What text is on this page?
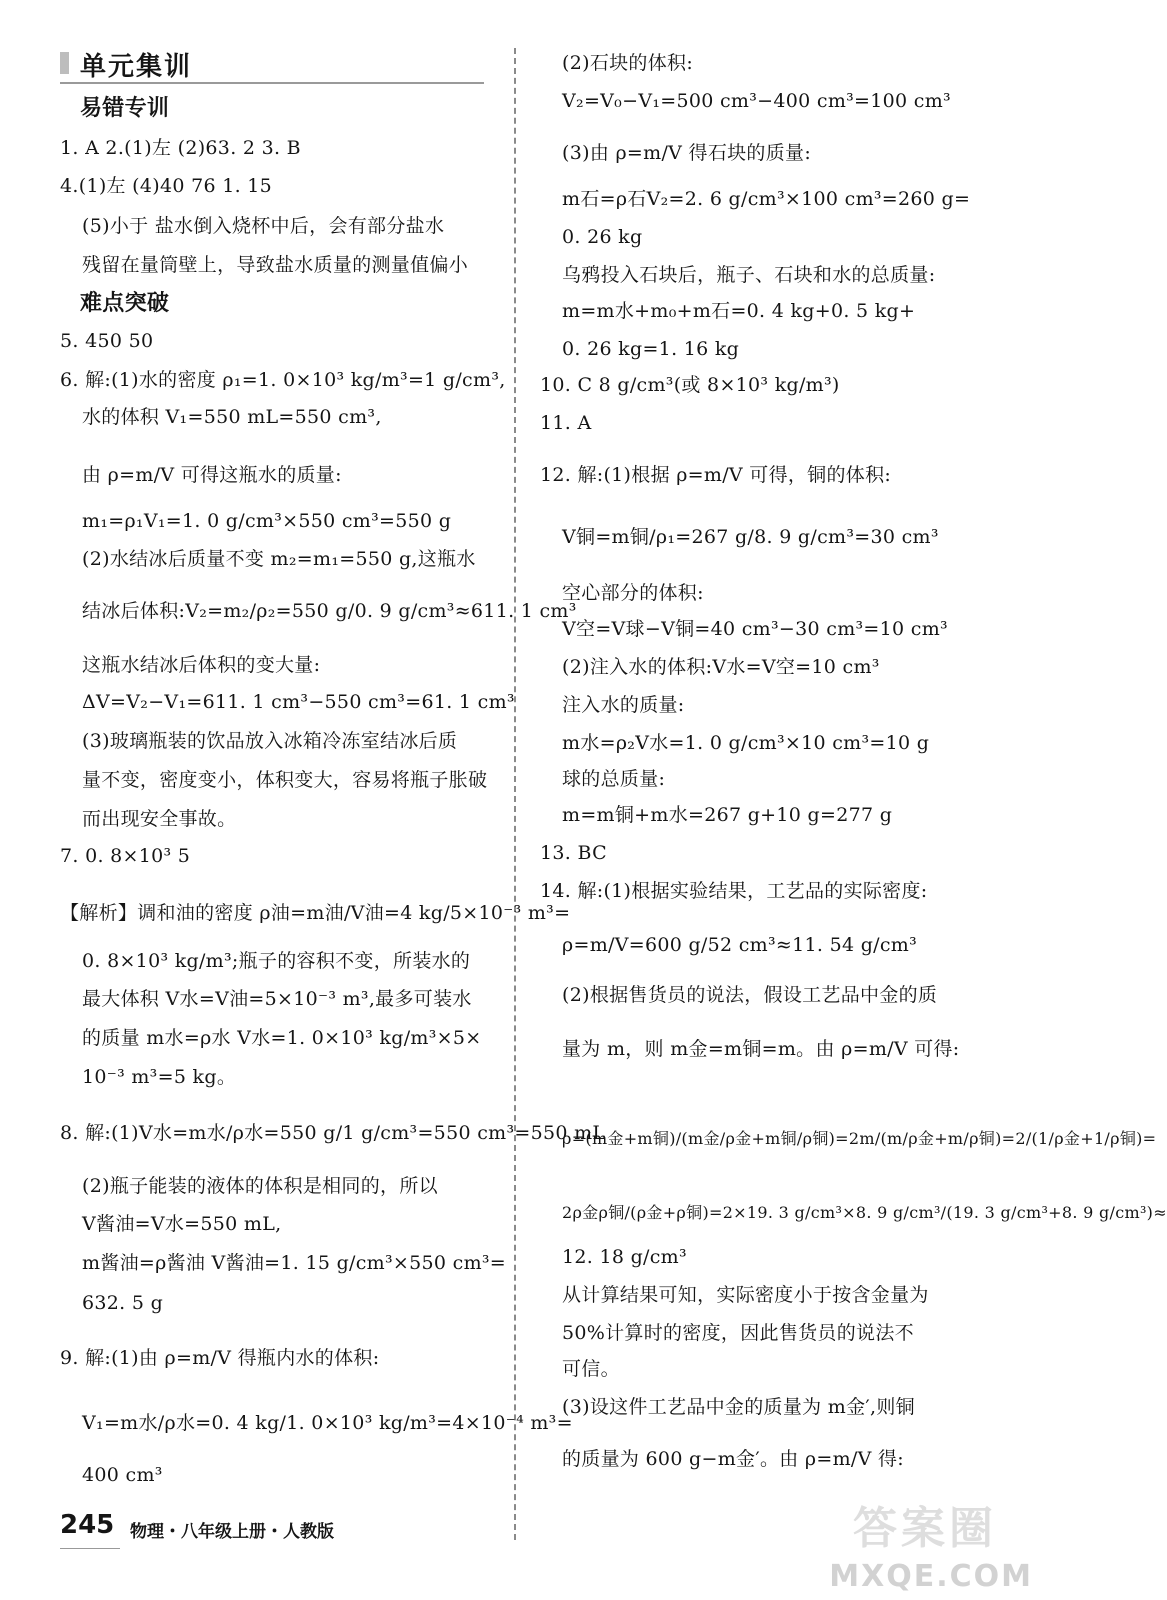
单元集训
易错专训
1. A 2.(1)左 (2)63. 2 3. B
4.(1)左 (4)40 76 1. 15
(5)小于 盐水倒入烧杯中后，会有部分盐水
残留在量筒壁上，导致盐水质量的测量值偏小
难点突破
5. 450 50
6. 解:(1)水的密度 ρ₁=1. 0×10³ kg/m³=1 g/cm³,
水的体积 V₁=550 mL=550 cm³,
由 ρ=m/V 可得这瓶水的质量:
m₁=ρ₁V₁=1. 0 g/cm³×550 cm³=550 g
(2)水结冰后质量不变 m₂=m₁=550 g,这瓶水
结冰后体积:V₂=m₂/ρ₂=550 g/0. 9 g/cm³≈611. 1 cm³
这瓶水结冰后体积的变大量:
ΔV=V₂−V₁=611. 1 cm³−550 cm³=61. 1 cm³
(3)玻璃瓶装的饮品放入冰箱冷冻室结冰后质
量不变，密度变小，体积变大，容易将瓶子胀破
而出现安全事故。
7. 0. 8×10³ 5
【解析】调和油的密度 ρ油=m油/V油=4 kg/5×10⁻³ m³=
0. 8×10³ kg/m³;瓶子的容积不变，所装水的
最大体积 V水=V油=5×10⁻³ m³,最多可装水
的质量 m水=ρ水 V水=1. 0×10³ kg/m³×5×
10⁻³ m³=5 kg。
8. 解:(1)V水=m水/ρ水=550 g/1 g/cm³=550 cm³=550 mL
(2)瓶子能装的液体的体积是相同的，所以
V酱油=V水=550 mL,
m酱油=ρ酱油 V酱油=1. 15 g/cm³×550 cm³=
632. 5 g
9. 解:(1)由 ρ=m/V 得瓶内水的体积:
V₁=m水/ρ水=0. 4 kg/1. 0×10³ kg/m³=4×10⁻⁴ m³=
400 cm³
(2)石块的体积:
V₂=V₀−V₁=500 cm³−400 cm³=100 cm³
(3)由 ρ=m/V 得石块的质量:
m石=ρ石V₂=2. 6 g/cm³×100 cm³=260 g=
0. 26 kg
乌鸦投入石块后，瓶子、石块和水的总质量:
m=m水+m₀+m石=0. 4 kg+0. 5 kg+
0. 26 kg=1. 16 kg
10. C 8 g/cm³(或 8×10³ kg/m³)
11. A
12. 解:(1)根据 ρ=m/V 可得，铜的体积:
V铜=m铜/ρ₁=267 g/8. 9 g/cm³=30 cm³
空心部分的体积:
V空=V球−V铜=40 cm³−30 cm³=10 cm³
(2)注入水的体积:V水=V空=10 cm³
注入水的质量:
m水=ρ₂V水=1. 0 g/cm³×10 cm³=10 g
球的总质量:
m=m铜+m水=267 g+10 g=277 g
13. BC
14. 解:(1)根据实验结果，工艺品的实际密度:
ρ=m/V=600 g/52 cm³≈11. 54 g/cm³
(2)根据售货员的说法，假设工艺品中金的质
量为 m，则 m金=m铜=m。由 ρ=m/V 可得:
ρ=(m金+m铜)/(m金/ρ金+m铜/ρ铜)=2m/(m/ρ金+m/ρ铜)=2/(1/ρ金+1/ρ铜)=
2ρ金ρ铜/(ρ金+ρ铜)=2×19. 3 g/cm³×8. 9 g/cm³/(19. 3 g/cm³+8. 9 g/cm³)≈
12. 18 g/cm³
从计算结果可知，实际密度小于按含金量为
50%计算时的密度，因此售货员的说法不
可信。
(3)设这件工艺品中金的质量为 m金′,则铜
的质量为 600 g−m金′。由 ρ=m/V 得:
245 物理・八年级上册・人教版	答案圈
MXQE.COM
